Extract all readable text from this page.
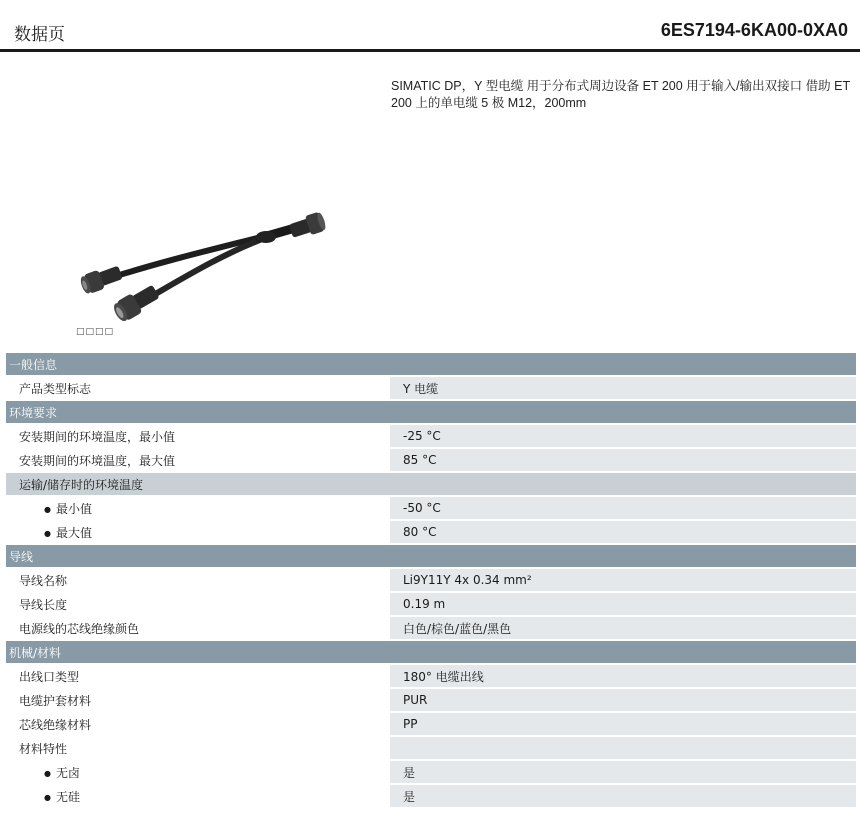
数据页	6ES7194-6KA00-0XA0
SIMATIC DP，Y 型电缆 用于分布式周边设备 ET 200 用于输入/输出双接口 借助 ET 200 上的单电缆 5 极 M12，200mm
□□□□
一般信息	
产品类型标志	Y 电缆
环境要求	
安装期间的环境温度，最小值	-25 °C
安装期间的环境温度，最大值	85 °C
运输/储存时的环境温度	
● 最小值	-50 °C
● 最大值	80 °C
导线	
导线名称	Li9Y11Y 4x 0.34 mm²
导线长度	0.19 m
电源线的芯线绝缘颜色	白色/棕色/蓝色/黑色
机械/材料	
出线口类型	180° 电缆出线
电缆护套材料	PUR
芯线绝缘材料	PP
材料特性	
● 无卤	是
● 无硅	是
